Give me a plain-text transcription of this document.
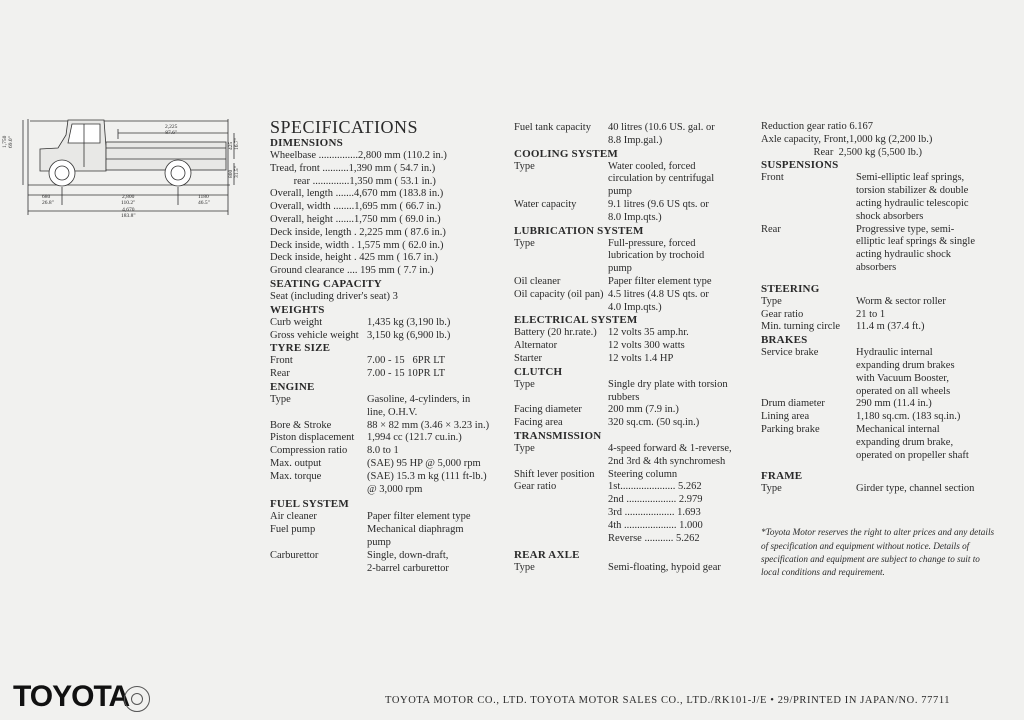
1,750
69.0"
2,225
87.6"
425
16.7"
800
31.5"
680
26.8"
2,800
110.2"
4,670
183.8"
1180
46.5"
SPECIFICATIONS
DIMENSIONS
Wheelbase ...............2,800 mm (110.2 in.)
Tread, front ..........1,390 mm ( 54.7 in.)
rear ..............1,350 mm ( 53.1 in.)
Overall, length .......4,670 mm (183.8 in.)
Overall, width ........1,695 mm ( 66.7 in.)
Overall, height .......1,750 mm ( 69.0 in.)
Deck inside, length . 2,225 mm ( 87.6 in.)
Deck inside, width . 1,575 mm ( 62.0 in.)
Deck inside, height . 425 mm ( 16.7 in.)
Ground clearance .... 195 mm ( 7.7 in.)
SEATING CAPACITY
Seat (including driver's seat) 3
WEIGHTS
Curb weight	1,435 kg (3,190 lb.)
Gross vehicle weight 3,150 kg (6,900 lb.)
TYRE SIZE
Front	7.00 - 15   6PR LT
Rear	7.00 - 15 10PR LT
ENGINE
Type	Gasoline, 4-cylinders, in
line, O.H.V.
Bore & Stroke	88 × 82 mm (3.46 × 3.23 in.)
Piston displacement	1,994 cc (121.7 cu.in.)
Compression ratio	8.0 to 1
Max. output	(SAE) 95 HP @ 5,000 rpm
Max. torque	(SAE) 15.3 m kg (111 ft-lb.)
@ 3,000 rpm
FUEL SYSTEM
Air cleaner	Paper filter element type
Fuel pump	Mechanical diaphragm
pump
Carburettor	Single, down-draft,
2-barrel carburettor
Fuel tank capacity	40 litres (10.6 US. gal. or
8.8 Imp.gal.)
COOLING SYSTEM
Type	Water cooled, forced
circulation by centrifugal
pump
Water capacity	9.1 litres (9.6 US qts. or
8.0 Imp.qts.)
LUBRICATION SYSTEM
Type	Full-pressure, forced
lubrication by trochoid
pump
Oil cleaner	Paper filter element type
Oil capacity (oil pan) 4.5 litres (4.8 US qts. or
4.0 Imp.qts.)
ELECTRICAL SYSTEM
Battery (20 hr.rate.)	12 volts 35 amp.hr.
Alternator	12 volts 300 watts
Starter	12 volts 1.4 HP
CLUTCH
Type	Single dry plate with torsion
rubbers
Facing diameter	200 mm (7.9 in.)
Facing area	320 sq.cm. (50 sq.in.)
TRANSMISSION
Type	4-speed forward & 1-reverse,
2nd 3rd & 4th synchromesh
Shift lever position	Steering column
Gear ratio	1st..................... 5.262
2nd ................... 2.979
3rd ................... 1.693
4th .................... 1.000
Reverse ........... 5.262
REAR AXLE
Type	Semi-floating, hypoid gear
Reduction gear ratio 6.167
Axle capacity, Front,1,000 kg (2,200 lb.)
Rear  2,500 kg (5,500 lb.)
SUSPENSIONS
Front	Semi-elliptic leaf springs,
torsion stabilizer & double
acting hydraulic telescopic
shock absorbers
Rear	Progressive type, semi-
elliptic leaf springs & single
acting hydraulic shock
absorbers
STEERING
Type	Worm & sector roller
Gear ratio	21 to 1
Min. turning circle	11.4 m (37.4 ft.)
BRAKES
Service brake	Hydraulic internal
expanding drum brakes
with Vacuum Booster,
operated on all wheels
Drum diameter	290 mm (11.4 in.)
Lining area	1,180 sq.cm. (183 sq.in.)
Parking brake	Mechanical internal
expanding drum brake,
operated on propeller shaft
FRAME
Type	Girder type, channel section
*Toyota Motor reserves the right to alter prices and any details of specification and equipment without notice. Details of specification and equipment are subject to change to suit to local conditions and requirement.
TOYOTA	TOYOTA MOTOR CO., LTD. TOYOTA MOTOR SALES CO., LTD./RK101-J/E • 29/PRINTED IN JAPAN/NO. 77711
